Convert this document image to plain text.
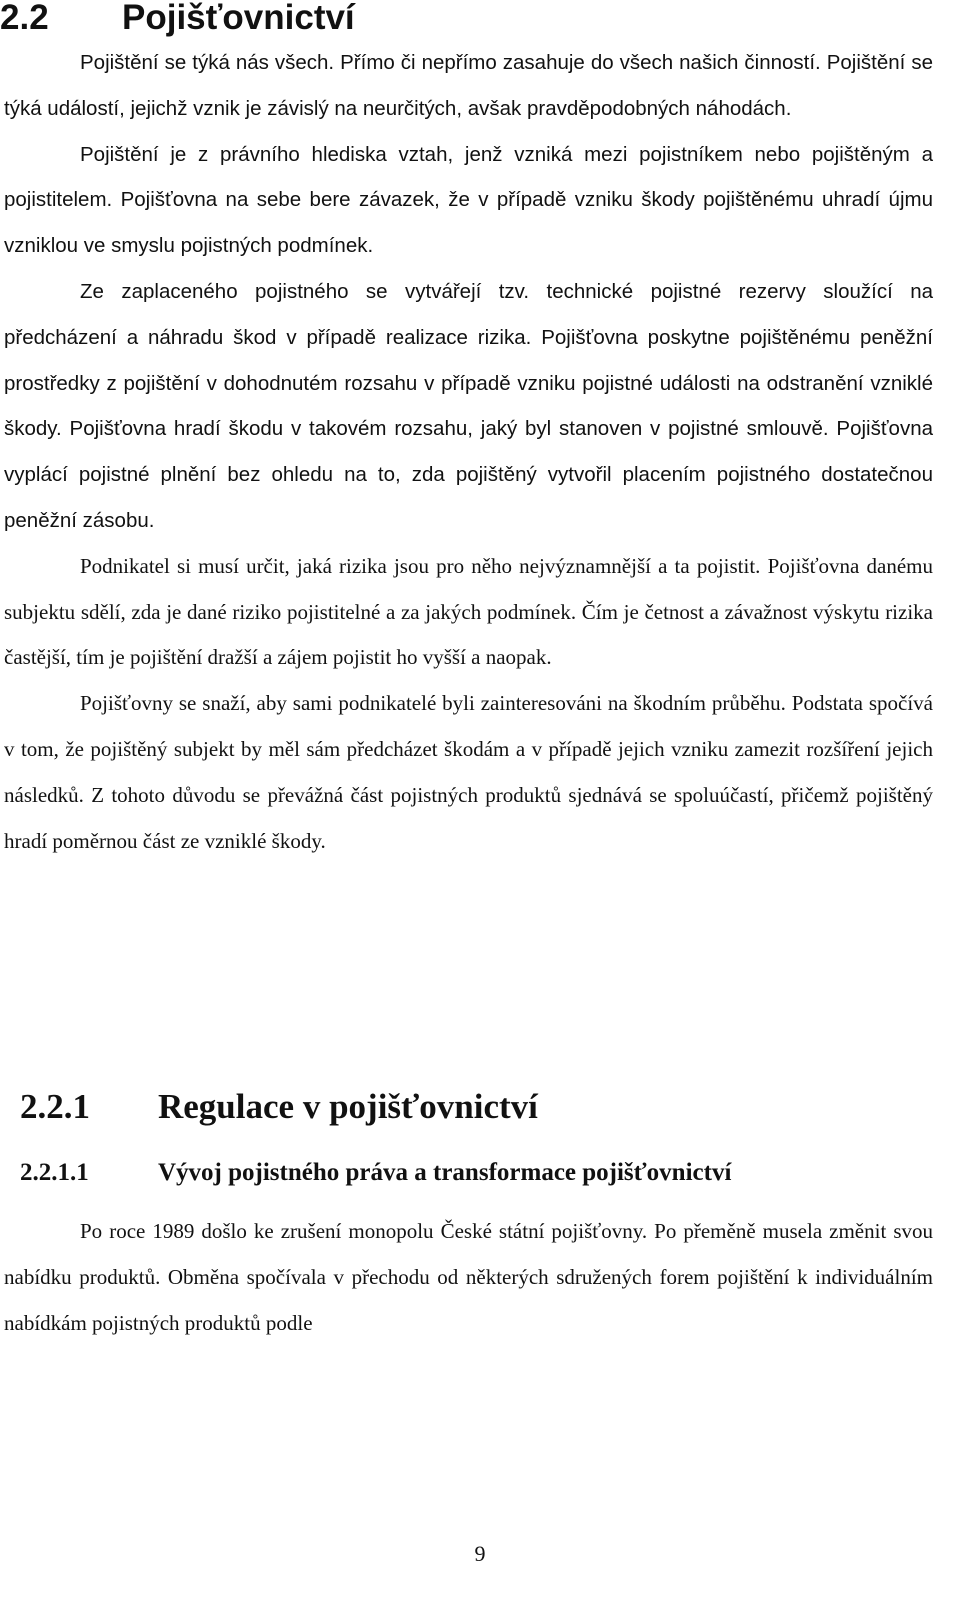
2.2 Pojišťovnictví

Pojištění se týká nás všech. Přímo či nepřímo zasahuje do všech našich činností. Pojištění se týká událostí, jejichž vznik je závislý na neurčitých, avšak pravděpodobných náhodách.

Pojištění je z právního hlediska vztah, jenž vzniká mezi pojistníkem nebo pojištěným a pojistitelem. Pojišťovna na sebe bere závazek, že v případě vzniku škody pojištěnému uhradí újmu vzniklou ve smyslu pojistných podmínek.

Ze zaplaceného pojistného se vytvářejí tzv. technické pojistné rezervy sloužící na předcházení a náhradu škod v případě realizace rizika. Pojišťovna poskytne pojištěnému peněžní prostředky z pojištění v dohodnutém rozsahu v případě vzniku pojistné události na odstranění vzniklé škody. Pojišťovna hradí škodu v takovém rozsahu, jaký byl stanoven v pojistné smlouvě. Pojišťovna vyplácí pojistné plnění bez ohledu na to, zda pojištěný vytvořil placením pojistného dostatečnou peněžní zásobu.

Podnikatel si musí určit, jaká rizika jsou pro něho nejvýznamnější a ta pojistit. Pojišťovna danému subjektu sdělí, zda je dané riziko pojistitelné a za jakých podmínek. Čím je četnost a závažnost výskytu rizika častější, tím je pojištění dražší a zájem pojistit ho vyšší a naopak.

Pojišťovny se snaží, aby sami podnikatelé byli zainteresováni na škodním průběhu. Podstata spočívá v tom, že pojištěný subjekt by měl sám předcházet škodám a v případě jejich vzniku zamezit rozšíření jejich následků. Z tohoto důvodu se převážná část pojistných produktů sjednává se spoluúčastí, přičemž pojištěný hradí poměrnou část ze vzniklé škody.

2.2.1 Regulace v pojišťovnictví
2.2.1.1	Vývoj pojistného práva a transformace pojišťovnictví

Po roce 1989 došlo ke zrušení monopolu České státní pojišťovny. Po přeměně musela změnit svou nabídku produktů. Obměna spočívala v přechodu od některých sdružených forem pojištění k individuálním nabídkám pojistných produktů podle

9
